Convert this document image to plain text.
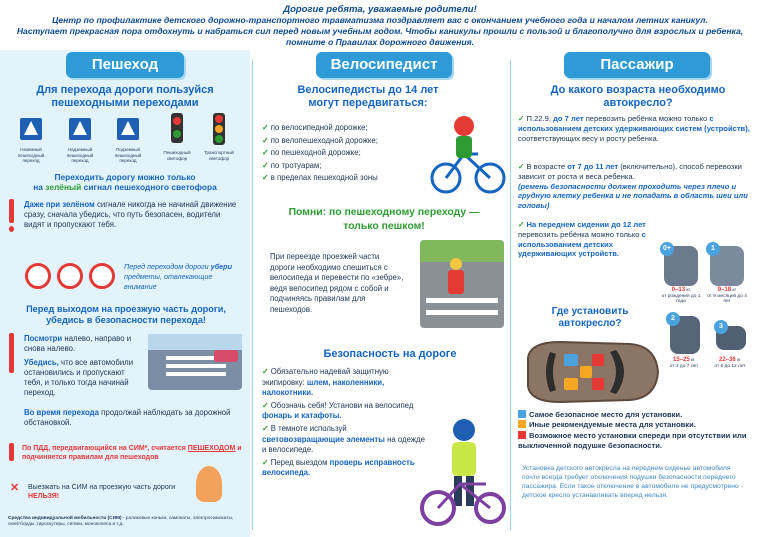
Дорогие ребята, уважаемые родители!
Центр по профилактике детского дорожно-транспортного травматизма поздравляет вас с окончанием учебного года и началом летних каникул.
Наступает прекрасная пора отдохнуть и набраться сил перед новым учебным годом. Чтобы каникулы прошли с пользой и благополучно для взрослых и ребенка,
помните о Правилах дорожного движения.
Пешеход
Для перехода дороги пользуйся пешеходными переходами
Наземный пешеходный переход
Надземный пешеходный переход
Подземный пешеходный переход
Пешеходный светофор
Транспортный светофор
Переходить дорогу можно только
на зелёный сигнал пешеходного светофора
Даже при зелёном сигнале никогда не начинай движение сразу, сначала убедись, что путь безопасен, водители видят и пропускают тебя.
Перед переходом дороги убери предметы, отвлекающие внимание
Перед выходом на проезжую часть дороги, убедись в безопасности перехода!
Посмотри налево, направо и снова налево.
Убедись, что все автомобили остановились и пропускают тебя, и только тогда начинай переход.
Во время перехода продолжай наблюдать за дорожной обстановкой.
По ПДД, передвигающийся на СИМ*, считается ПЕШЕХОДОМ и подчиняется правилам для пешеходов
✕ Выезжать на СИМ на проезжую часть дороги НЕЛЬЗЯ!
Средства индивидуальной мобильности (СИМ) - роликовые коньки, самокаты, электросамокаты, скейтборды, гироскутеры, сигвеи, моноколеса и т.д.
Велосипедист
Велосипедисты до 14 лет могут передвигаться:
✓ по велосипедной дорожке;
✓ по велопешеходной дорожке;
✓ по пешеходной дорожке;
✓ по тротуарам;
✓ в пределах пешеходной зоны
Помни: по пешеходному переходу — только пешком!
При переезде проезжей части дороги необходимо спешиться с велосипеда и перевести по «зебре», ведя велосипед рядом с собой и подчиняясь правилам для пешеходов.
Безопасность на дороге
✓ Обязательно надевай защитную экипировку: шлем, наколенники, налокотники.
✓ Обозначь себя! Установи на велосипед фонарь и катафоты.
✓ В темноте используй световозвращающие элементы на одежде и велосипеде.
✓ Перед выездом проверь исправность велосипеда.
Пассажир
До какого возраста необходимо автокресло?
✓ П.22.9. до 7 лет перевозить ребёнка можно только с использованием детских удерживающих систем (устройств), соответствующих весу и росту ребенка.
✓ В возрасте от 7 до 11 лет (включительно), способ перевозки зависит от роста и веса ребенка.
(ремень безопасности должен проходить через плечо и грудную клетку ребенка и не попадать в область шеи или головы)
✓ На переднем сидении до 12 лет перевозить ребёнка можно только с использованием детских удерживающих устройств.
0+	1
0–13 кг
от рождения до 1 года
9–18 кг
от 9 месяцев до 4 лет
2
3
15–25 кг
от 3 до 7 лет
22–36 кг
от 6 до 12 лет
Где установить автокресло?
Самое безопасное место для установки.
Иные рекомендуемые места для установки.
Возможное место установки спереди при отсутствии или выключенной подушке безопасности.
Установка детского автокресла на переднем сиденье автомобиля почти всегда требует отключения подушки безопасности переднего пассажира. Если такое отключение в автомобиле не предусмотрено - детское кресло устанавливать вперед нельзя.
